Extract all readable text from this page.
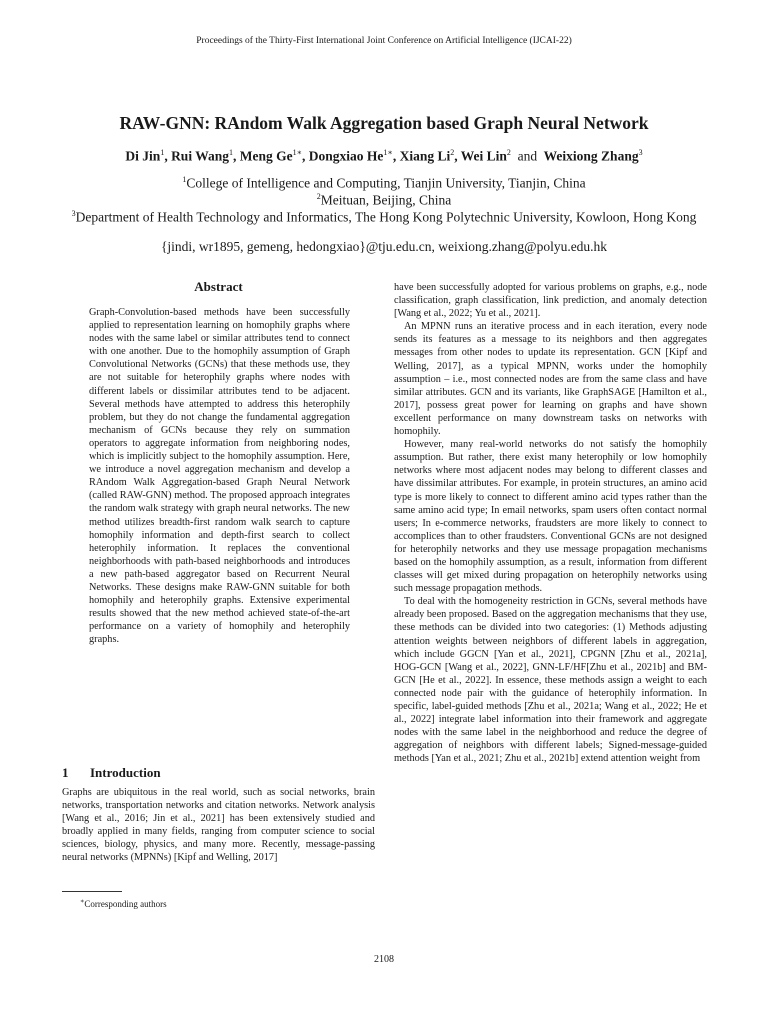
Proceedings of the Thirty-First International Joint Conference on Artificial Intelligence (IJCAI-22)
RAW-GNN: RAndom Walk Aggregation based Graph Neural Network
Di Jin$^1$, Rui Wang$^1$, Meng $Ge^{1∗}$, Dongxiao $He^{1∗}$, Xiang Li$^2$, Wei Lin$^2$ and Weixiong Zhang$^3$
$^1$College of Intelligence and Computing, Tianjin University, Tianjin, China
$^2$Meituan, Beijing, China
$^3$Department of Health Technology and Informatics, The Hong Kong Polytechnic University, Kowloon, Hong Kong
{jindi, wr1895, gemeng, hedongxiao}@tju.edu.cn, weixiong.zhang@polyu.edu.hk
Abstract
Graph-Convolution-based methods have been successfully applied to representation learning on homophily graphs where nodes with the same label or similar attributes tend to connect with one another. Due to the homophily assumption of Graph Convolutional Networks (GCNs) that these methods use, they are not suitable for heterophily graphs where nodes with different labels or dissimilar attributes tend to be adjacent. Several methods have attempted to address this heterophily problem, but they do not change the fundamental aggregation mechanism of GCNs because they rely on summation operators to aggregate information from neighboring nodes, which is implicitly subject to the homophily assumption. Here, we introduce a novel aggregation mechanism and develop a RAndom Walk Aggregation-based Graph Neural Network (called RAW-GNN) method. The proposed approach integrates the random walk strategy with graph neural networks. The new method utilizes breadth-first random walk search to capture homophily information and depth-first search to collect heterophily information. It replaces the conventional neighborhoods with path-based neighborhoods and introduces a new path-based aggregator based on Recurrent Neural Networks. These designs make RAW-GNN suitable for both homophily and heterophily graphs. Extensive experimental results showed that the new method achieved state-of-the-art performance on a variety of homophily and heterophily graphs.
1 Introduction

Graphs are ubiquitous in the real world, such as social networks, brain networks, transportation networks and citation networks. Network analysis [Wang et al., 2016; Jin et al., 2021] has been extensively studied and broadly applied in many fields, ranging from computer science to social sciences, biology, physics, and many more. Recently, message-passing neural networks (MPNNs) [Kipf and Welling, 2017]

∗Corresponding authors

have been successfully adopted for various problems on graphs, e.g., node classification, graph classification, link prediction, and anomaly detection [Wang et al., 2022; Yu et al., 2021].

An MPNN runs an iterative process and in each iteration, every node sends its features as a message to its neighbors and then aggregates messages from other nodes to update its representation. GCN [Kipf and Welling, 2017], as a typical MPNN, works under the homophily assumption – i.e., most connected nodes are from the same class and have similar attributes. GCN and its variants, like GraphSAGE [Hamilton et al., 2017], possess great power for learning on graphs and have shown excellent performance on many downstream tasks on networks with homophily.

However, many real-world networks do not satisfy the homophily assumption. But rather, there exist many heterophily or low homophily networks where most adjacent nodes may belong to different classes and have dissimilar attributes. For example, in protein structures, an amino acid type is more likely to connect to different amino acid types rather than the same amino acid type; In email networks, spam users often contact normal users; In e-commerce networks, fraudsters are more likely to connect to accomplices than to other fraudsters. Conventional GCNs are not designed for heterophily networks and they use message propagation mechanisms based on the homophily assumption, as a result, information from different classes will get mixed during propagation on heterophily networks using such message propagation methods.

To deal with the homogeneity restriction in GCNs, several methods have already been proposed. Based on the aggregation mechanisms that they use, these methods can be divided into two categories: (1) Methods adjusting attention weights between neighbors of different labels in aggregation, which include GGCN [Yan et al., 2021], CPGNN [Zhu et al., 2021a], HOG-GCN [Wang et al., 2022], GNN-LF/HF[Zhu et al., 2021b] and BM-GCN [He et al., 2022]. In essence, these methods assign a weight to each connected node pair with the guidance of heterophily information. In specific, label-guided methods [Zhu et al., 2021a; Wang et al., 2022; He et al., 2022] integrate label information into their framework and aggregate nodes with the same label in the neighborhood and reduce the degree of aggregation of neighbors with different labels; Signed-message-guided methods [Yan et al., 2021; Zhu et al., 2021b] extend attention weight from

2108
